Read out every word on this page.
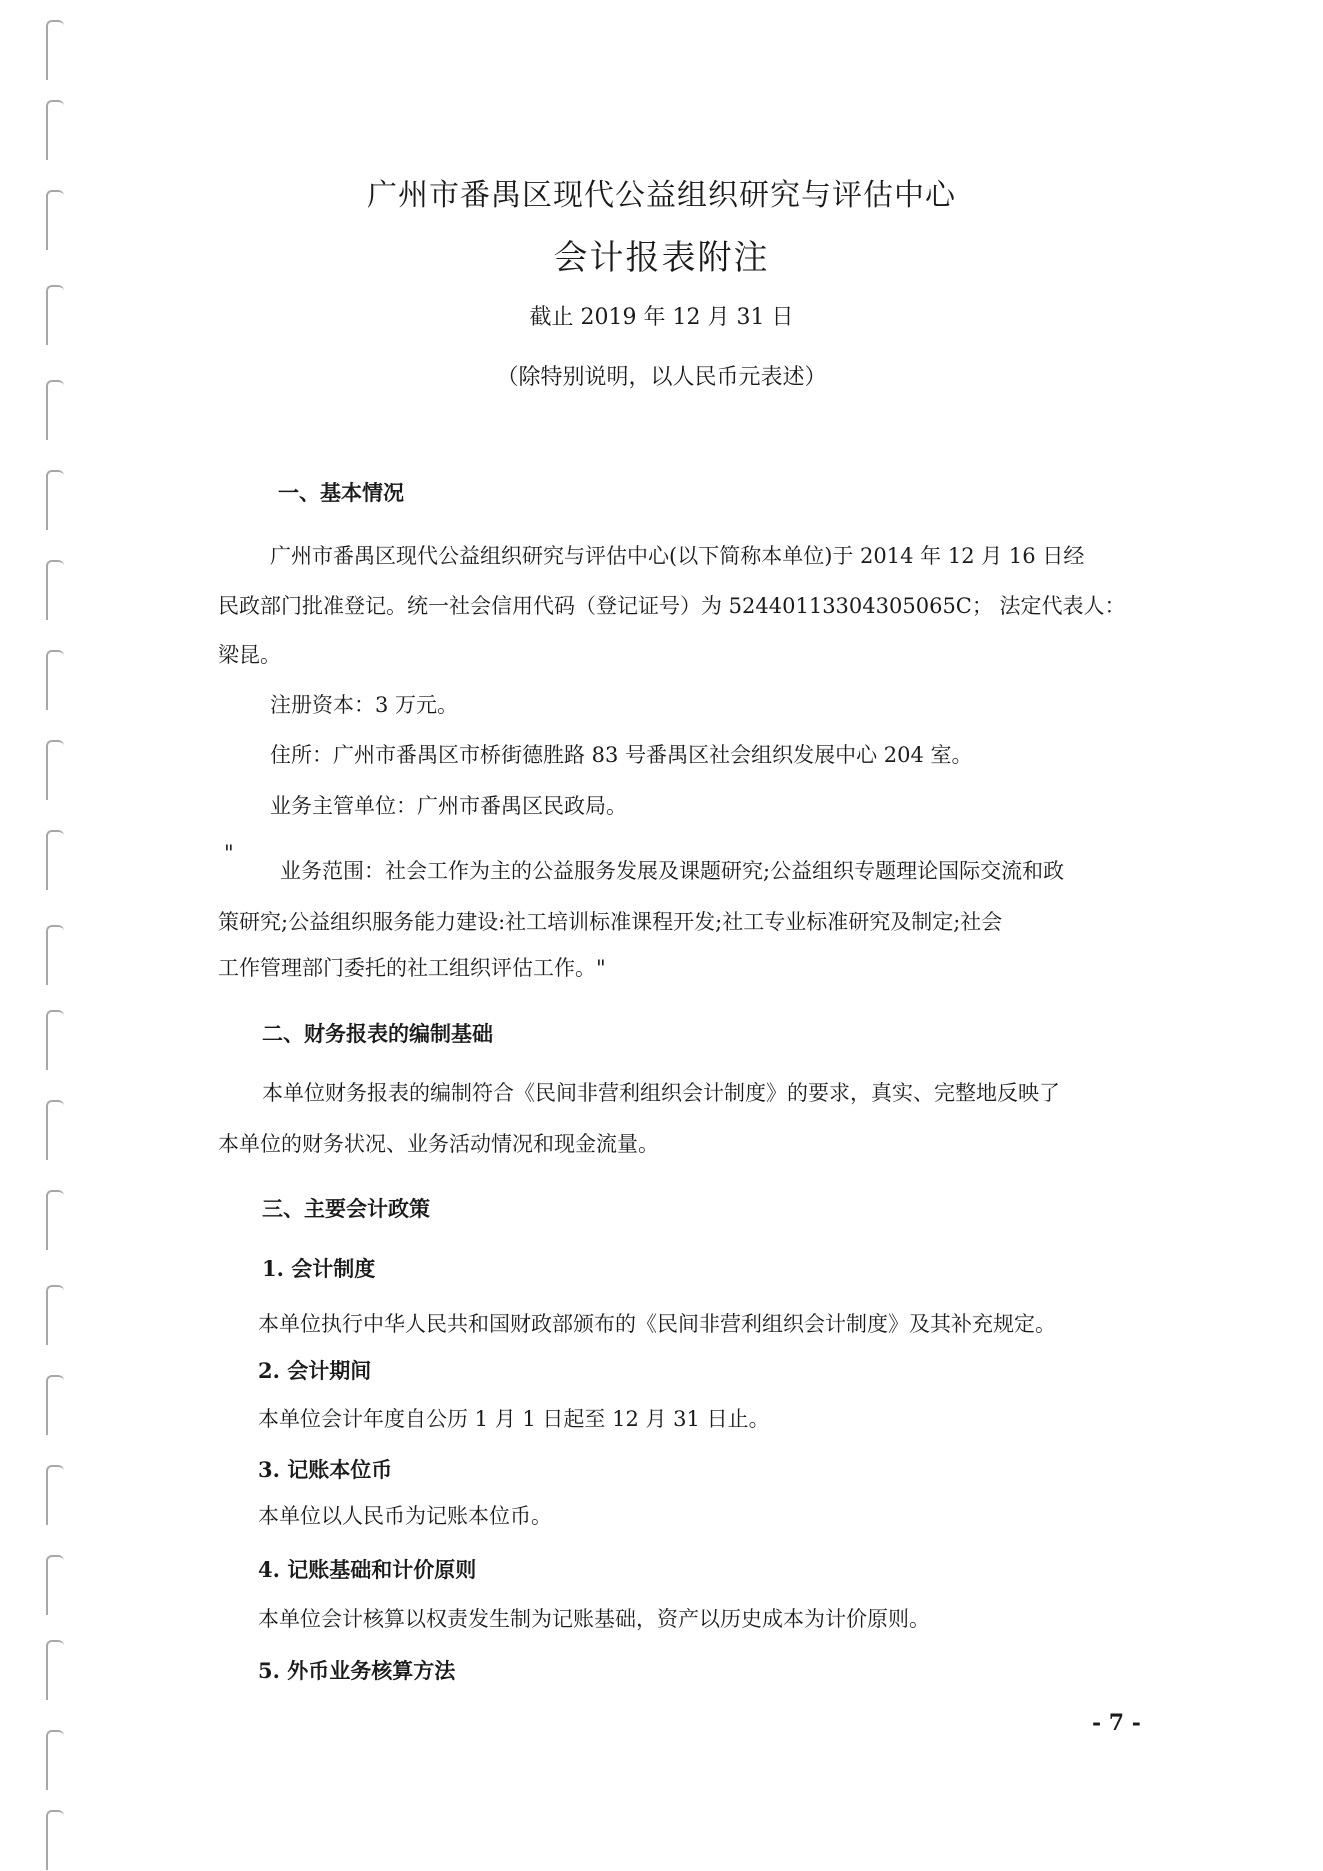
广州市番禺区现代公益组织研究与评估中心
会计报表附注
截止 2019 年 12 月 31 日
（除特别说明，以人民币元表述）
一、基本情况
广州市番禺区现代公益组织研究与评估中心(以下简称本单位)于 2014 年 12 月 16 日经
民政部门批准登记。统一社会信用代码（登记证号）为 52440113304305065C； 法定代表人：
梁昆。
注册资本：3 万元。
住所：广州市番禺区市桥街德胜路 83 号番禺区社会组织发展中心 204 室。
业务主管单位：广州市番禺区民政局。
"
业务范围：社会工作为主的公益服务发展及课题研究;公益组织专题理论国际交流和政
策研究;公益组织服务能力建设:社工培训标准课程开发;社工专业标准研究及制定;社会
工作管理部门委托的社工组织评估工作。"
二、财务报表的编制基础
本单位财务报表的编制符合《民间非营利组织会计制度》的要求，真实、完整地反映了
本单位的财务状况、业务活动情况和现金流量。
三、主要会计政策
1. 会计制度
本单位执行中华人民共和国财政部颁布的《民间非营利组织会计制度》及其补充规定。
2. 会计期间
本单位会计年度自公历 1 月 1 日起至 12 月 31 日止。
3. 记账本位币
本单位以人民币为记账本位币。
4. 记账基础和计价原则
本单位会计核算以权责发生制为记账基础，资产以历史成本为计价原则。
5. 外币业务核算方法
- 7 -
